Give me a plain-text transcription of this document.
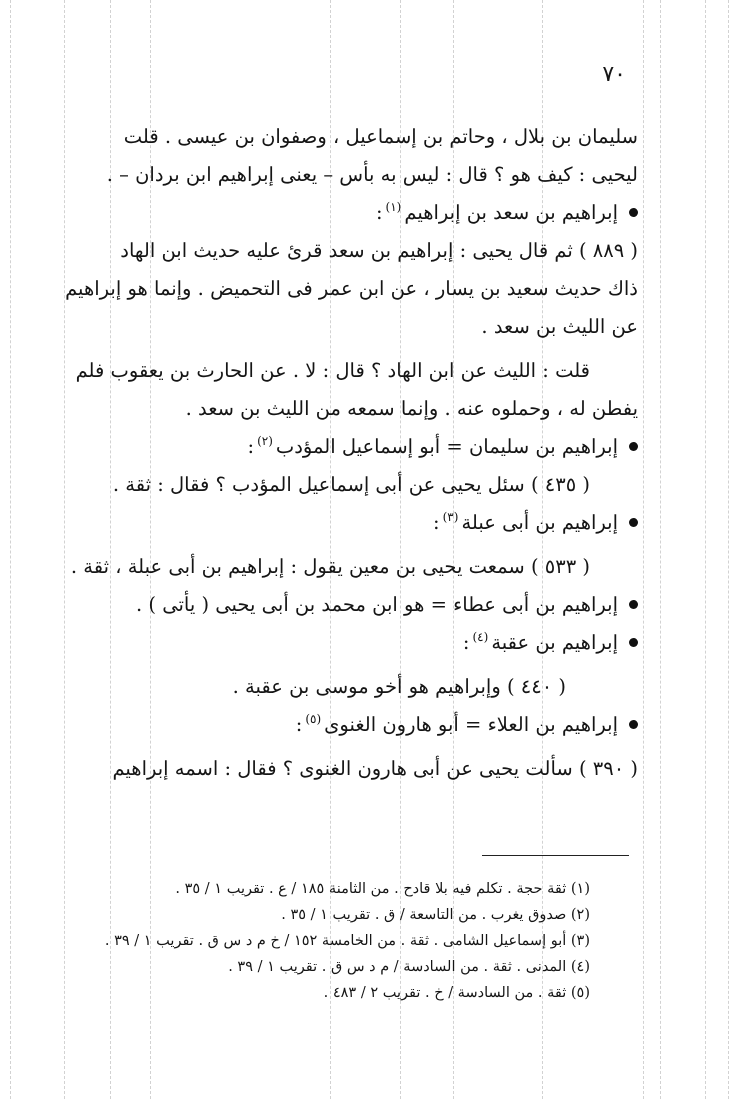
٧٠
سليمان بن بلال ، وحاتم بن إسماعيل ، وصفوان بن عيسى . قلت
ليحيى : كيف هو ؟ قال : ليس به بأس – يعنى إبراهيم ابن بردان – .
إبراهيم بن سعد بن إبراهيم$^{(١)}$:
( ٨٨٩ ) ثم قال يحيى : إبراهيم بن سعد قرئ عليه حديث ابن الهاد
ذاك حديث سعيد بن يسار ، عن ابن عمر فى التحميض . وإنما هو إبراهيم
عن الليث بن سعد .
قلت : الليث عن ابن الهاد ؟ قال : لا . عن الحارث بن يعقوب فلم
يفطن له ، وحملوه عنه . وإنما سمعه من الليث بن سعد .
إبراهيم بن سليمان = أبو إسماعيل المؤدب$^{(٢)}$:
( ٤٣٥ ) سئل يحيى عن أبى إسماعيل المؤدب ؟ فقال : ثقة .
إبراهيم بن أبى عبلة$^{(٣)}$:
( ٥٣٣ ) سمعت يحيى بن معين يقول : إبراهيم بن أبى عبلة ، ثقة .
إبراهيم بن أبى عطاء = هو ابن محمد بن أبى يحيى ( يأتى ) .
إبراهيم بن عقبة$^{(٤)}$:
( ٤٤٠ ) وإبراهيم هو أخو موسى بن عقبة .
إبراهيم بن العلاء = أبو هارون الغنوى$^{(٥)}$:
( ٣٩٠ ) سألت يحيى عن أبى هارون الغنوى ؟ فقال : اسمه إبراهيم
(١) ثقة حجة . تكلم فيه بلا قادح . من الثامنة ١٨٥ / ع . تقريب ١ / ٣٥ .
(٢) صدوق يغرب . من التاسعة / ق . تقريب ١ / ٣٥ .
(٣) أبو إسماعيل الشامى . ثقة . من الخامسة ١٥٢ / خ م د س ق . تقريب ١ / ٣٩ .
(٤) المدنى . ثقة . من السادسة / م د س ق . تقريب ١ / ٣٩ .
(٥) ثقة . من السادسة / خ . تقريب ٢ / ٤٨٣ .
